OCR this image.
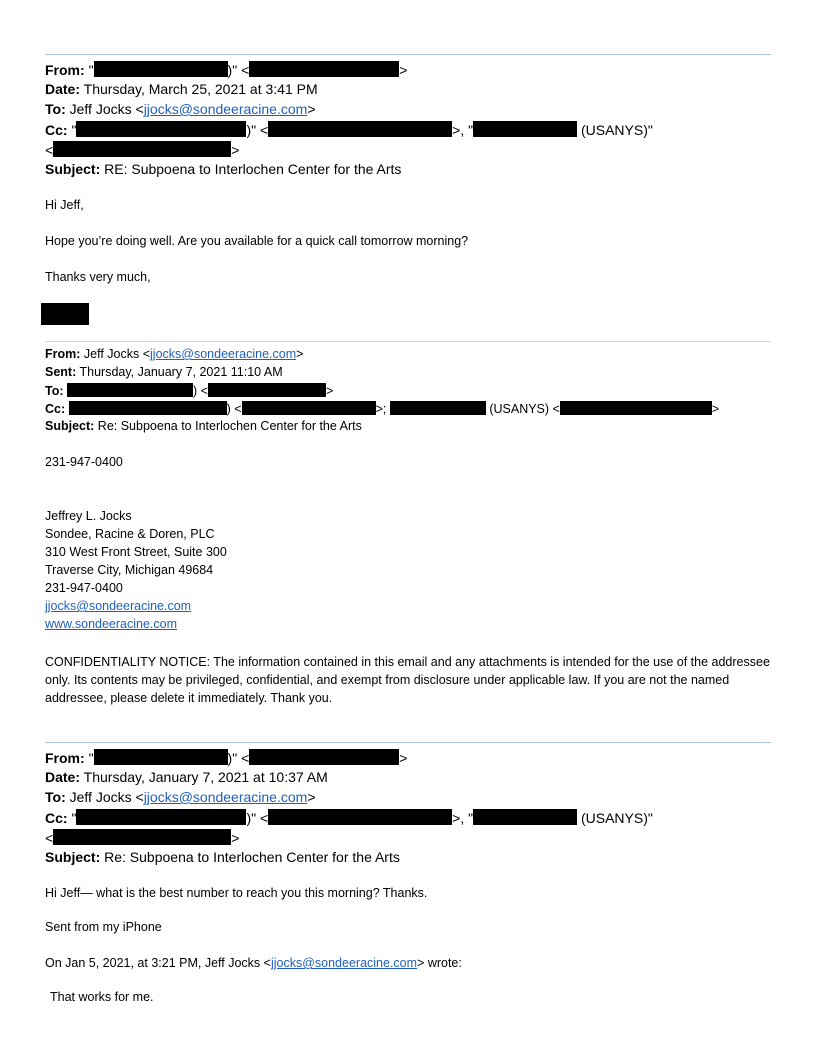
From: "	)" <	>
Date: Thursday, March 25, 2021 at 3:41 PM
To: Jeff Jocks <jjocks@sondeeracine.com>
Cc: "	)" <	>, "	(USANYS)"
<	>
Subject: RE: Subpoena to Interlochen Center for the Arts
Hi Jeff,
Hope you’re doing well. Are you available for a quick call tomorrow morning?
Thanks very much,
From: Jeff Jocks <jjocks@sondeeracine.com>
Sent: Thursday, January 7, 2021 11:10 AM
To:	) <	>
Cc:	) <	>;	(USANYS) <	>
Subject: Re: Subpoena to Interlochen Center for the Arts
231-947-0400
Jeffrey L. Jocks
Sondee, Racine & Doren, PLC
310 West Front Street, Suite 300
Traverse City, Michigan 49684
231-947-0400
jjocks@sondeeracine.com
www.sondeeracine.com
CONFIDENTIALITY NOTICE: The information contained in this email and any attachments is intended for the use of the addressee only. Its contents may be privileged, confidential, and exempt from disclosure under applicable law. If you are not the named addressee, please delete it immediately. Thank you.
From: "	)" <	>
Date: Thursday, January 7, 2021 at 10:37 AM
To: Jeff Jocks <jjocks@sondeeracine.com>
Cc: "	)" <	>, "	(USANYS)"
<	>
Subject: Re: Subpoena to Interlochen Center for the Arts
Hi Jeff— what is the best number to reach you this morning? Thanks.
Sent from my iPhone
On Jan 5, 2021, at 3:21 PM, Jeff Jocks <jjocks@sondeeracine.com> wrote:
That works for me.
